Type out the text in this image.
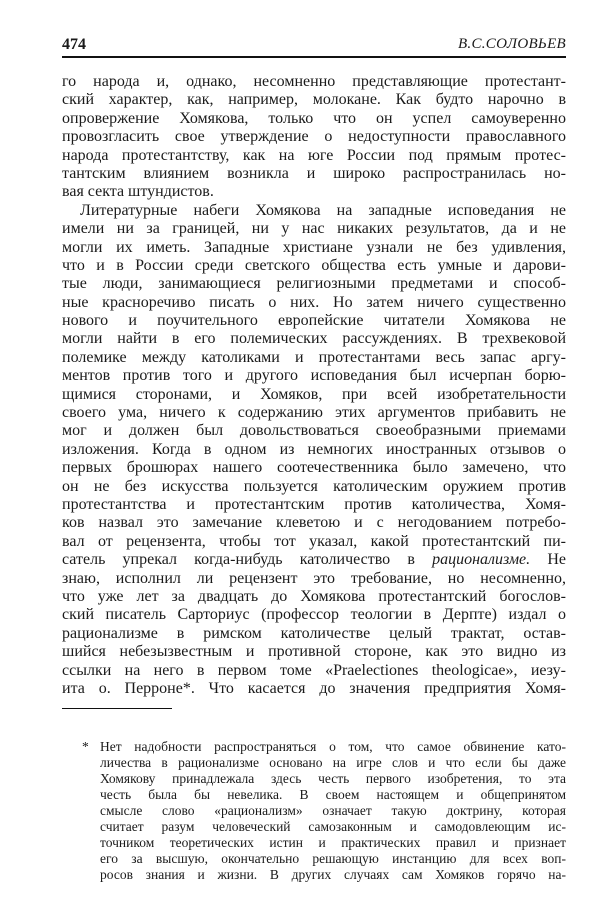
474	В.С.СОЛОВЬЕВ
го народа и, однако, несомненно представляющие протестант-
ский характер, как, например, молокане. Как будто нарочно в
опровержение Хомякова, только что он успел самоуверенно
провозгласить свое утверждение о недоступности православного
народа протестантству, как на юге России под прямым протес-
тантским влиянием возникла и широко распространилась но-
вая секта штундистов.
Литературные набеги Хомякова на западные исповедания не
имели ни за границей, ни у нас никаких результатов, да и не
могли их иметь. Западные христиане узнали не без удивления,
что и в России среди светского общества есть умные и дарови-
тые люди, занимающиеся религиозными предметами и способ-
ные красноречиво писать о них. Но затем ничего существенно
нового и поучительного европейские читатели Хомякова не
могли найти в его полемических рассуждениях. В трехвековой
полемике между католиками и протестантами весь запас аргу-
ментов против того и другого исповедания был исчерпан борю-
щимися сторонами, и Хомяков, при всей изобретательности
своего ума, ничего к содержанию этих аргументов прибавить не
мог и должен был довольствоваться своеобразными приемами
изложения. Когда в одном из немногих иностранных отзывов о
первых брошюрах нашего соотечественника было замечено, что
он не без искусства пользуется католическим оружием против
протестантства и протестантским против католичества, Хомя-
ков назвал это замечание клеветою и с негодованием потребо-
вал от рецензента, чтобы тот указал, какой протестантский пи-
сатель упрекал когда-нибудь католичество в рационализме. Не
знаю, исполнил ли рецензент это требование, но несомненно,
что уже лет за двадцать до Хомякова протестантский богослов-
ский писатель Сарториус (профессор теологии в Дерпте) издал о
рационализме в римском католичестве целый трактат, остав-
шийся небезызвестным и противной стороне, как это видно из
ссылки на него в первом томе «Praelectiones theologicae», иезу-
ита о. Перроне*. Что касается до значения предприятия Хомя-
* Нет надобности распространяться о том, что самое обвинение като-
личества в рационализме основано на игре слов и что если бы даже
Хомякову принадлежала здесь честь первого изобретения, то эта
честь была бы невелика. В своем настоящем и общепринятом
смысле слово «рационализм» означает такую доктрину, которая
считает разум человеческий самозаконным и самодовлеющим ис-
точником теоретических истин и практических правил и признает
его за высшую, окончательно решающую инстанцию для всех воп-
росов знания и жизни. В других случаях сам Хомяков горячо на-
